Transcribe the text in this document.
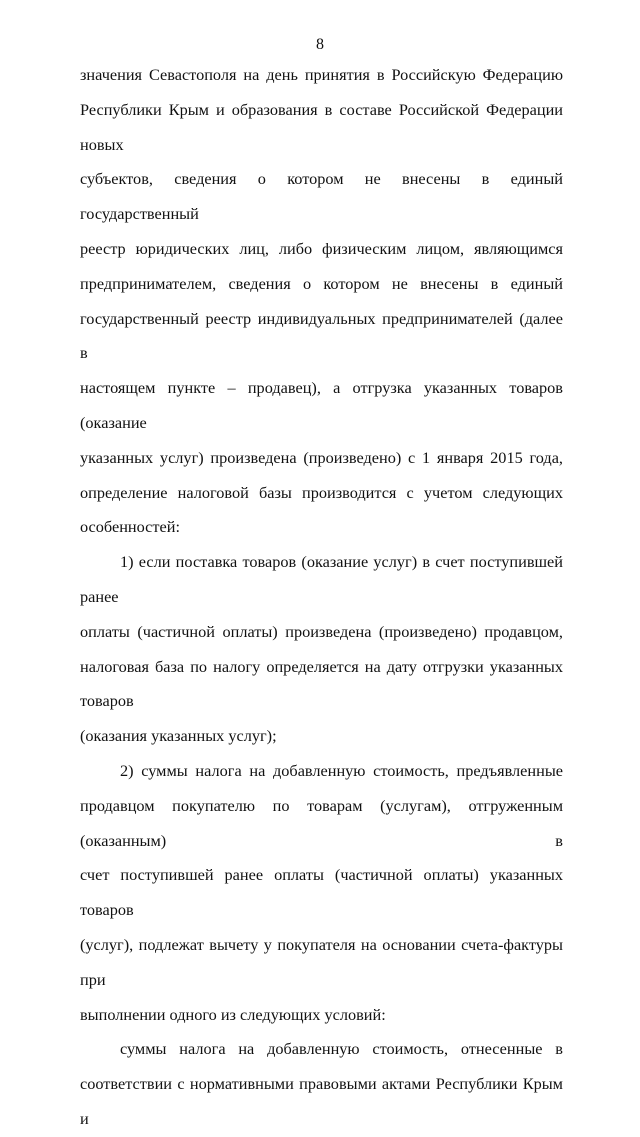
8

значения Севастополя на день принятия в Российскую Федерацию
Республики Крым и образования в составе Российской Федерации новых
субъектов, сведения о котором не внесены в единый государственный
реестр юридических лиц, либо физическим лицом, являющимся
предпринимателем, сведения о котором не внесены в единый
государственный реестр индивидуальных предпринимателей (далее в
настоящем пункте – продавец), а отгрузка указанных товаров (оказание
указанных услуг) произведена (произведено) с 1 января 2015 года,
определение налоговой базы производится с учетом следующих
особенностей:

1) если поставка товаров (оказание услуг) в счет поступившей ранее
оплаты (частичной оплаты) произведена (произведено) продавцом,
налоговая база по налогу определяется на дату отгрузки указанных товаров
(оказания указанных услуг);

2) суммы налога на добавленную стоимость, предъявленные
продавцом покупателю по товарам (услугам), отгруженным (оказанным) в
счет поступившей ранее оплаты (частичной оплаты) указанных товаров
(услуг), подлежат вычету у покупателя на основании счета-фактуры при
выполнении одного из следующих условий:

суммы налога на добавленную стоимость, отнесенные в
соответствии с нормативными правовыми актами Республики Крым и
